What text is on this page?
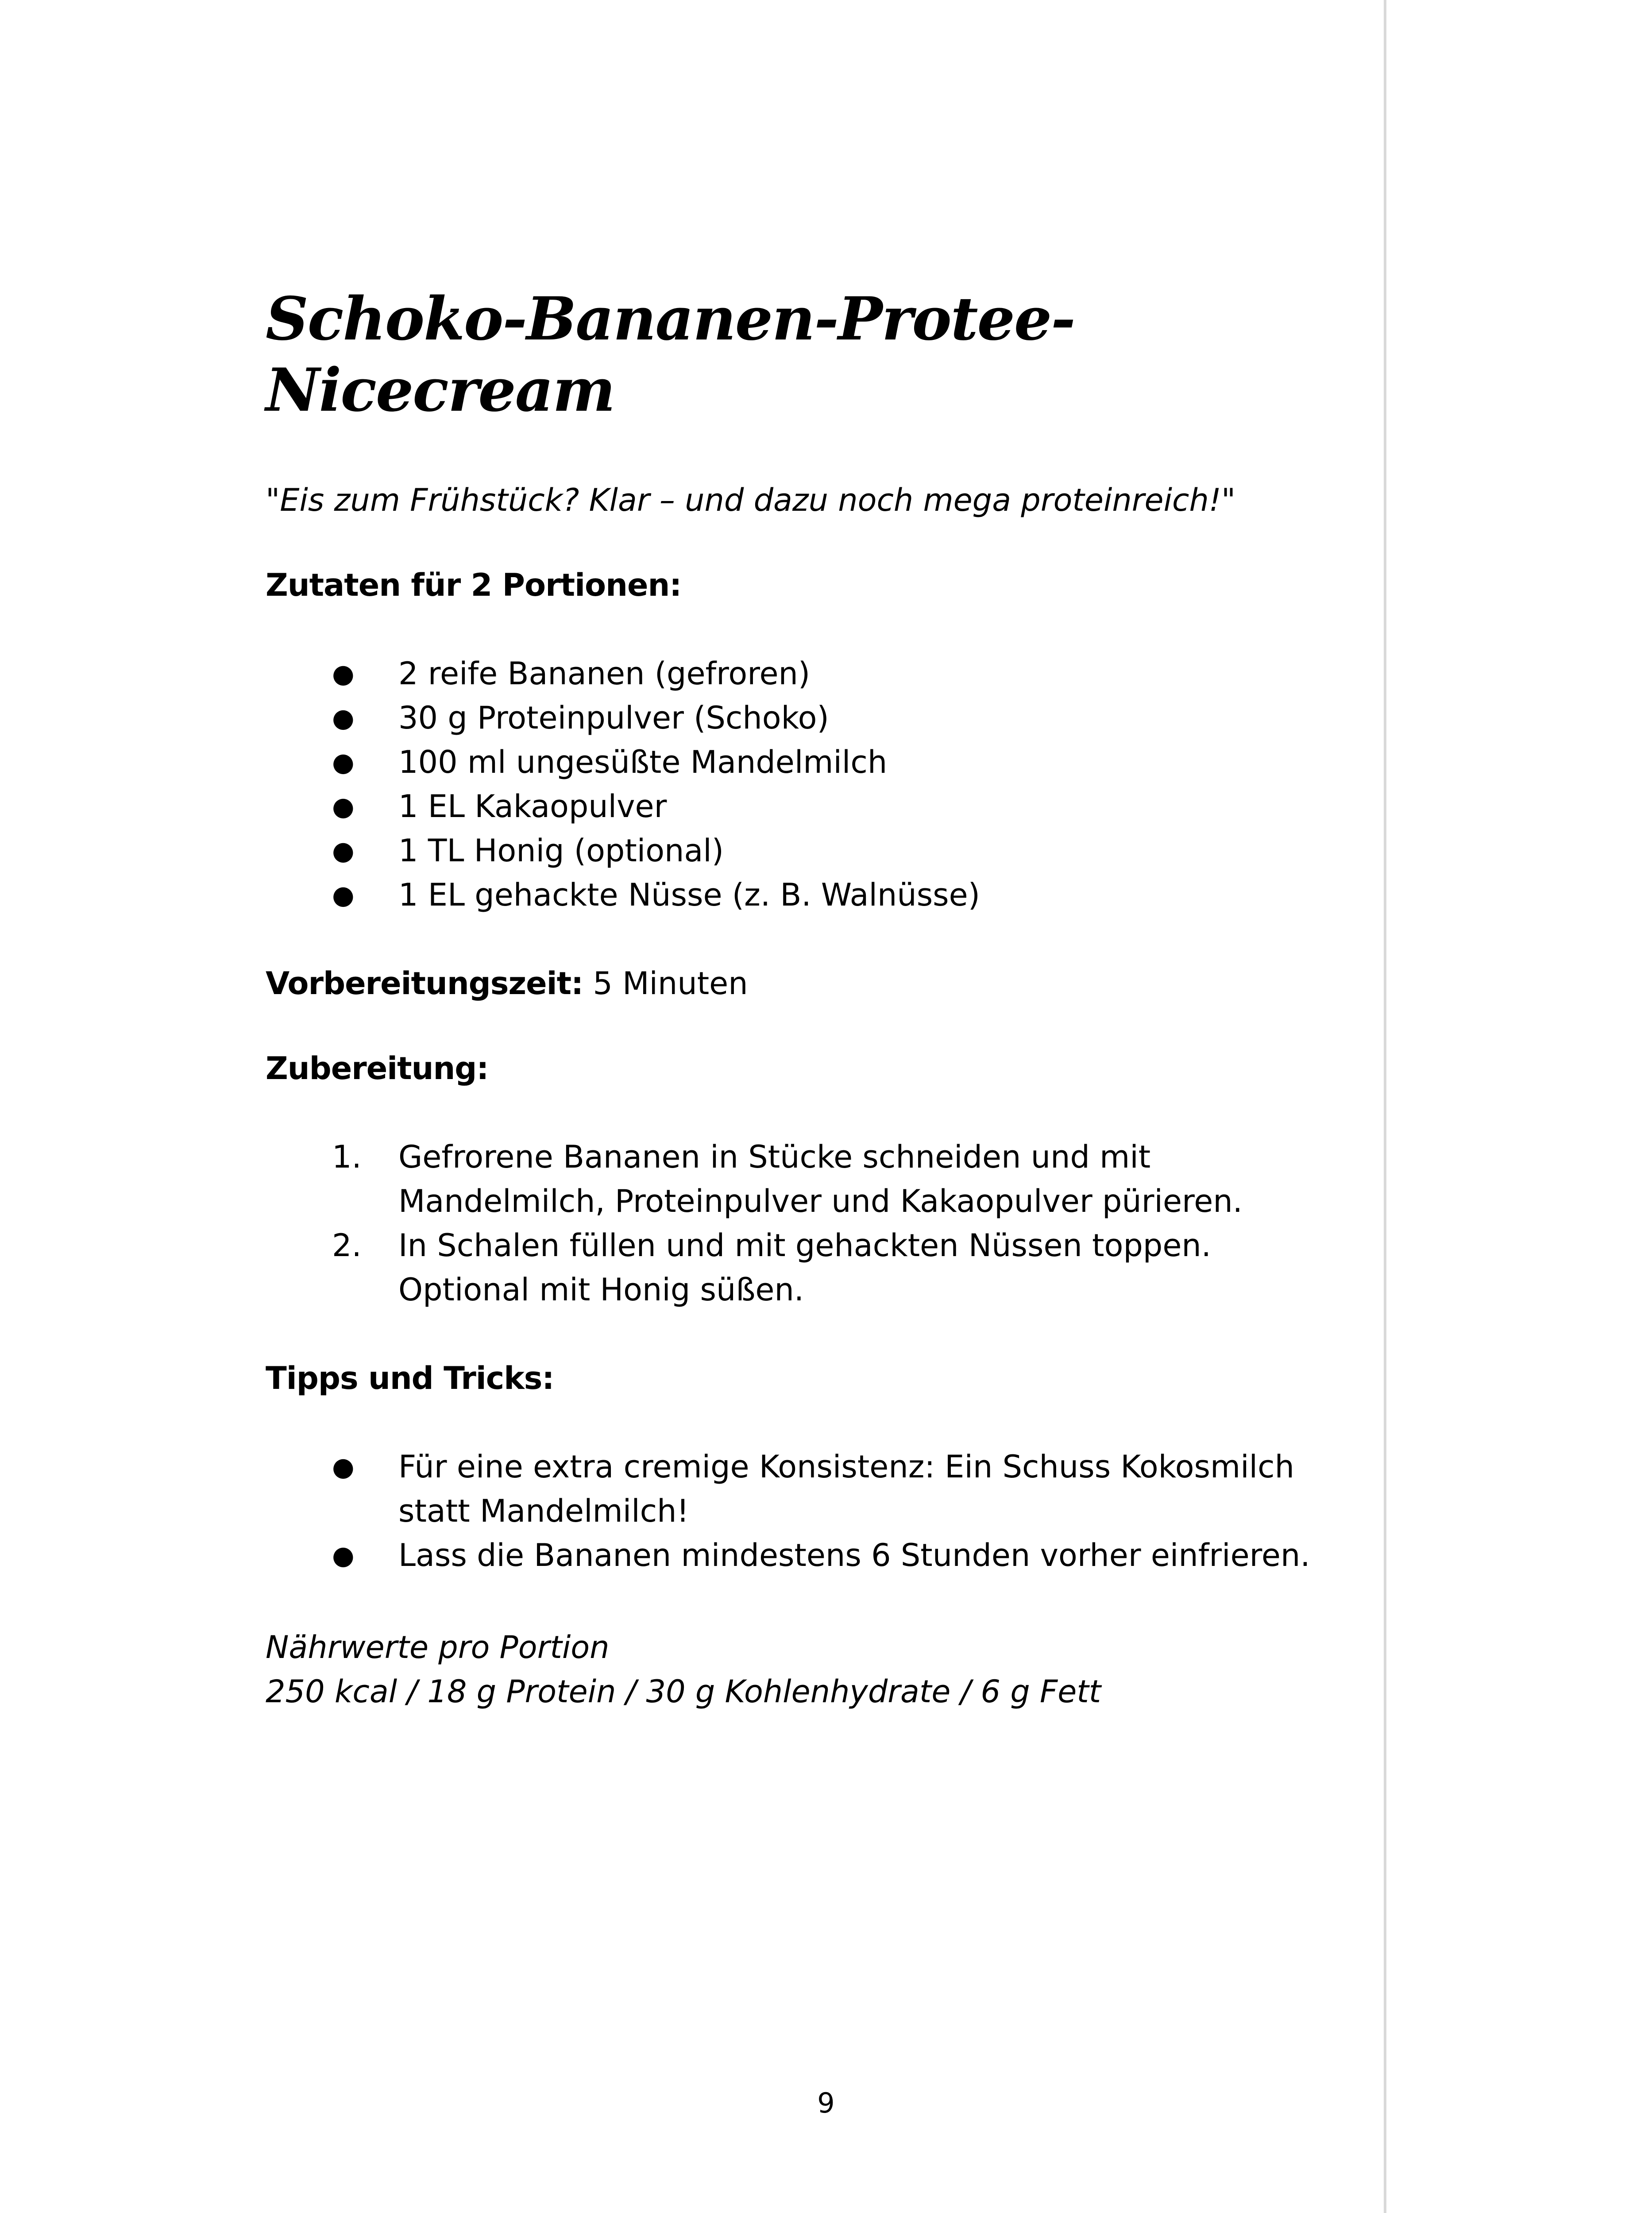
Schoko-Bananen-Protee-Nicecream
"Eis zum Frühstück? Klar – und dazu noch mega proteinreich!"
Zutaten für 2 Portionen:
● 2 reife Bananen (gefroren)
● 30 g Proteinpulver (Schoko)
● 100 ml ungesüßte Mandelmilch
● 1 EL Kakaopulver
● 1 TL Honig (optional)
● 1 EL gehackte Nüsse (z. B. Walnüsse)
Vorbereitungszeit: 5 Minuten
Zubereitung:
1. Gefrorene Bananen in Stücke schneiden und mit Mandelmilch, Proteinpulver und Kakaopulver pürieren.
2. In Schalen füllen und mit gehackten Nüssen toppen. Optional mit Honig süßen.
Tipps und Tricks:
● Für eine extra cremige Konsistenz: Ein Schuss Kokosmilch statt Mandelmilch!
● Lass die Bananen mindestens 6 Stunden vorher einfrieren.
Nährwerte pro Portion
250 kcal / 18 g Protein / 30 g Kohlenhydrate / 6 g Fett
9
